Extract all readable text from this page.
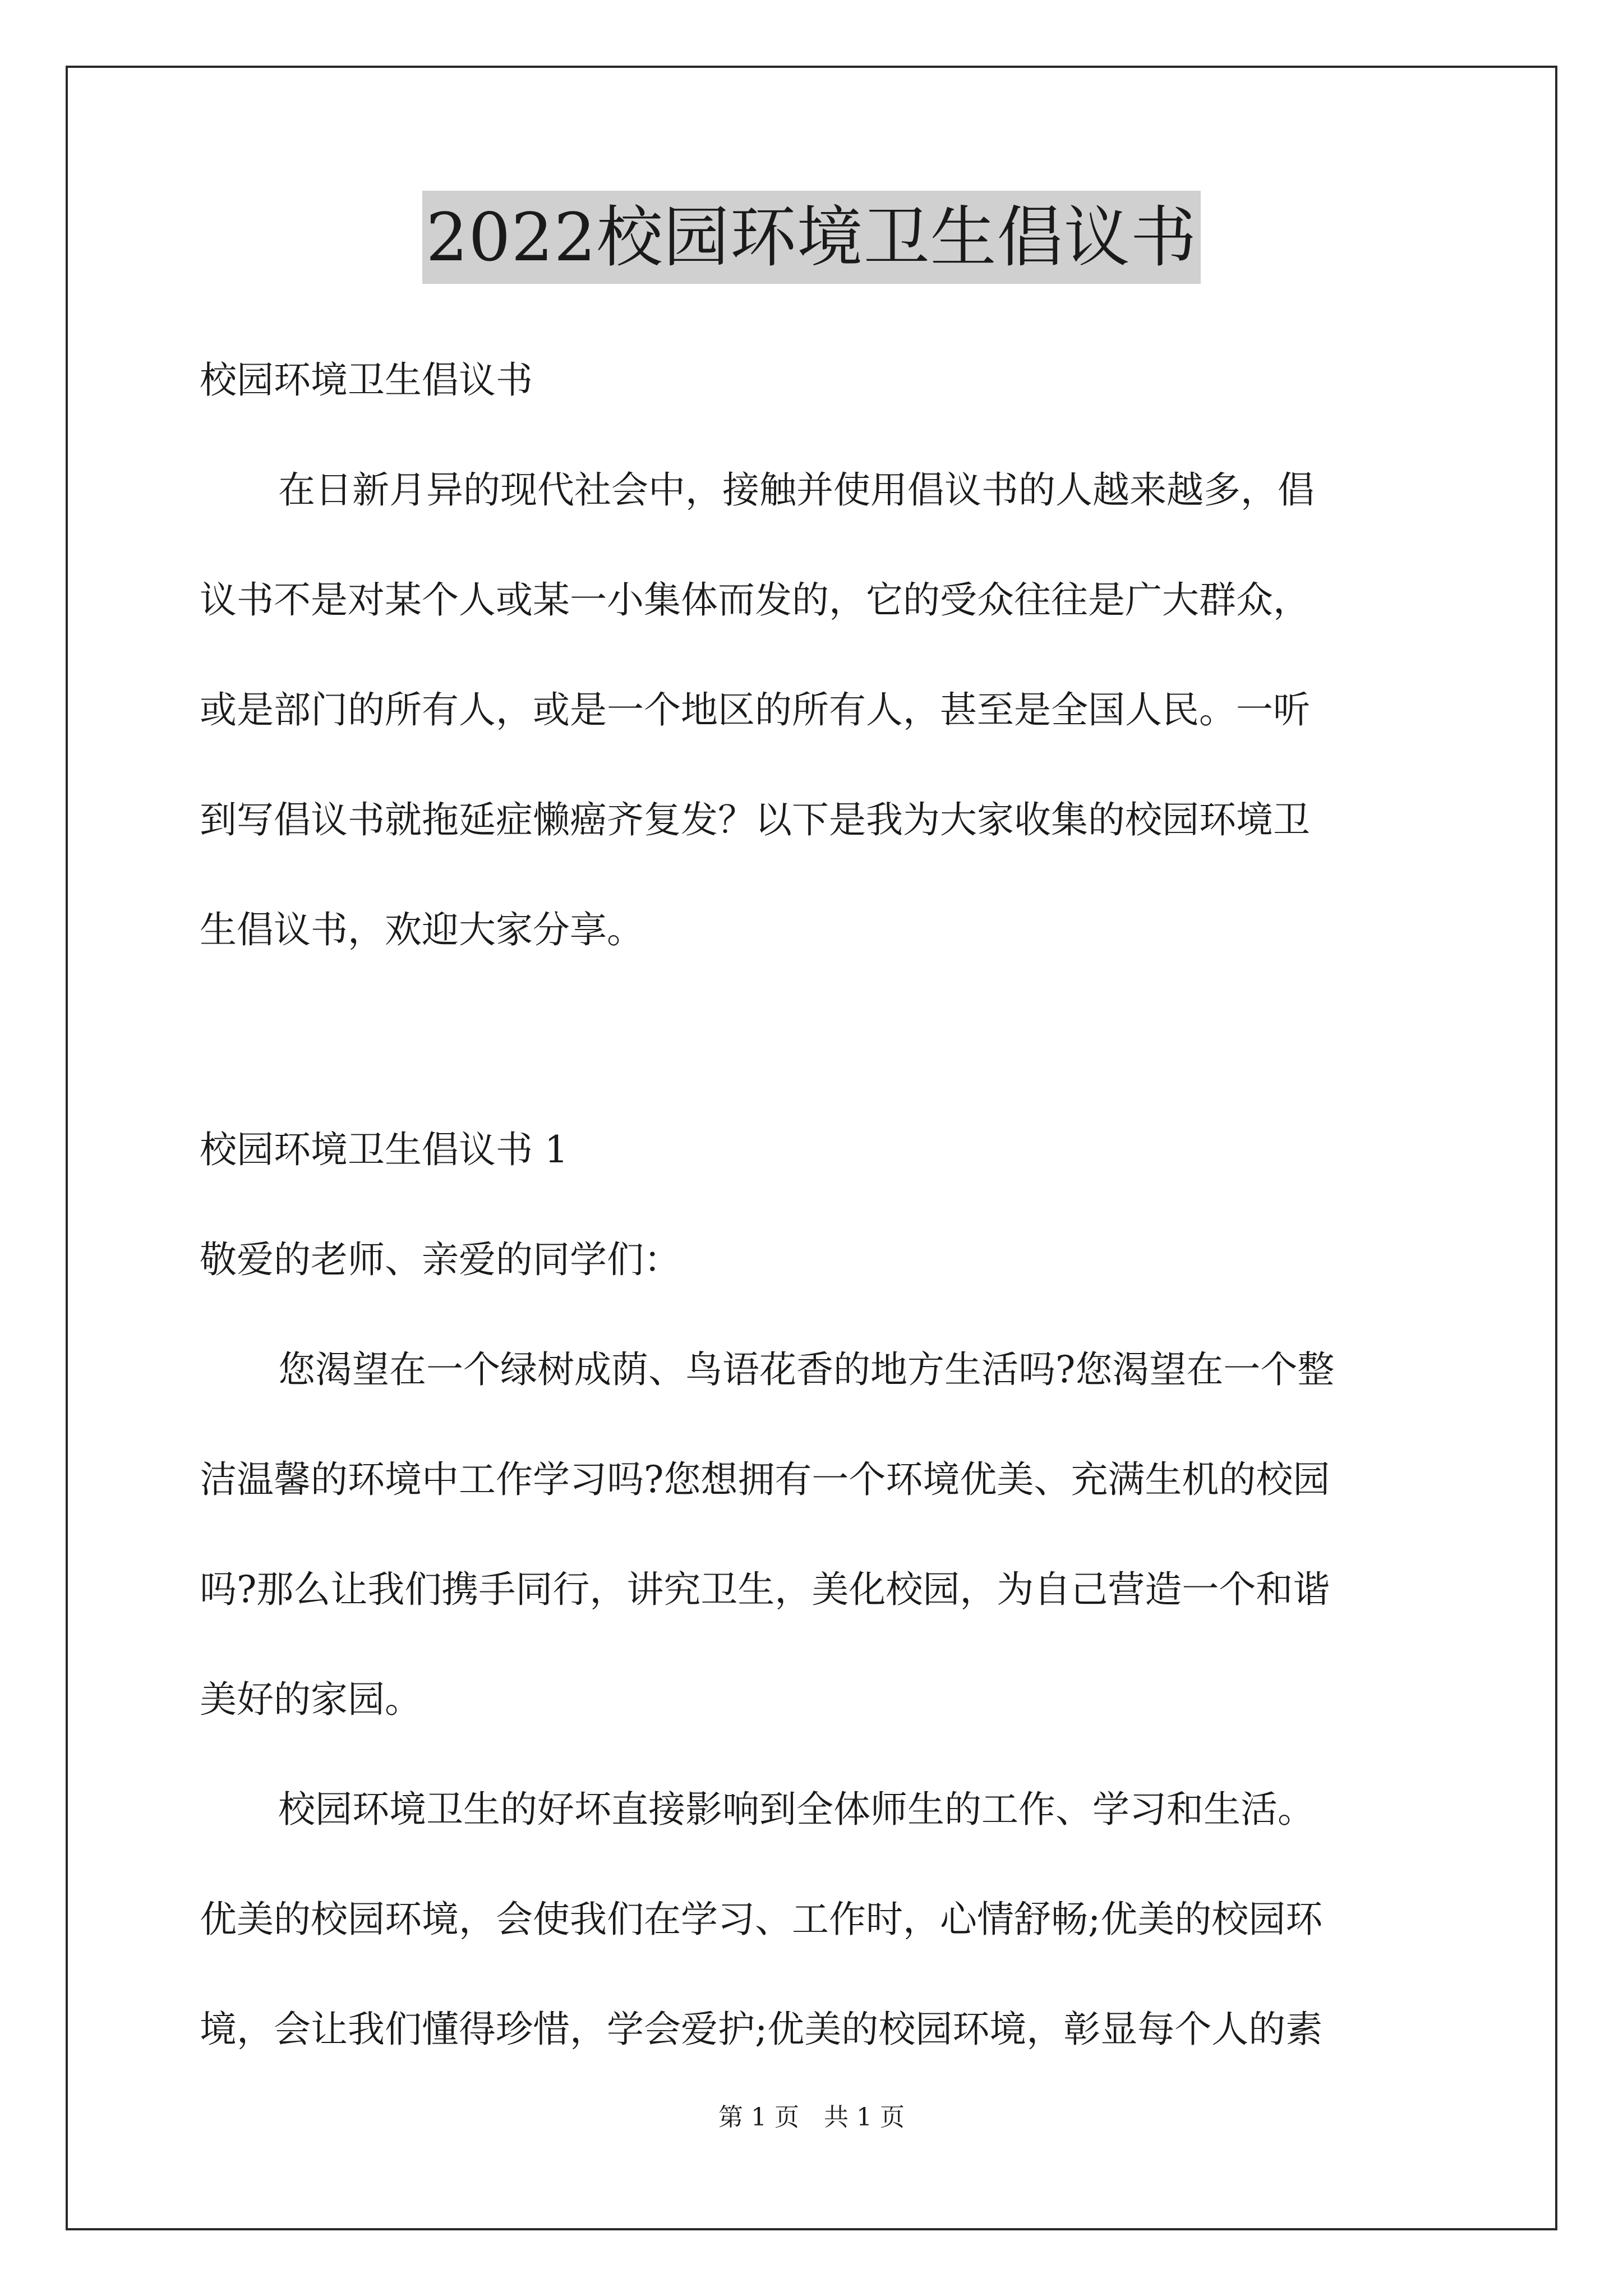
2022校园环境卫生倡议书
校园环境卫生倡议书
在日新月异的现代社会中，接触并使用倡议书的人越来越多，倡
议书不是对某个人或某一小集体而发的，它的受众往往是广大群众，
或是部门的所有人，或是一个地区的所有人，甚至是全国人民。一听
到写倡议书就拖延症懒癌齐复发？以下是我为大家收集的校园环境卫
生倡议书，欢迎大家分享。
校园环境卫生倡议书 1
敬爱的老师、亲爱的同学们：
您渴望在一个绿树成荫、鸟语花香的地方生活吗?您渴望在一个整
洁温馨的环境中工作学习吗?您想拥有一个环境优美、充满生机的校园
吗?那么让我们携手同行，讲究卫生，美化校园，为自己营造一个和谐
美好的家园。
校园环境卫生的好坏直接影响到全体师生的工作、学习和生活。
优美的校园环境，会使我们在学习、工作时，心情舒畅;优美的校园环
境，会让我们懂得珍惜，学会爱护;优美的校园环境，彰显每个人的素
第 1 页　共 1 页
